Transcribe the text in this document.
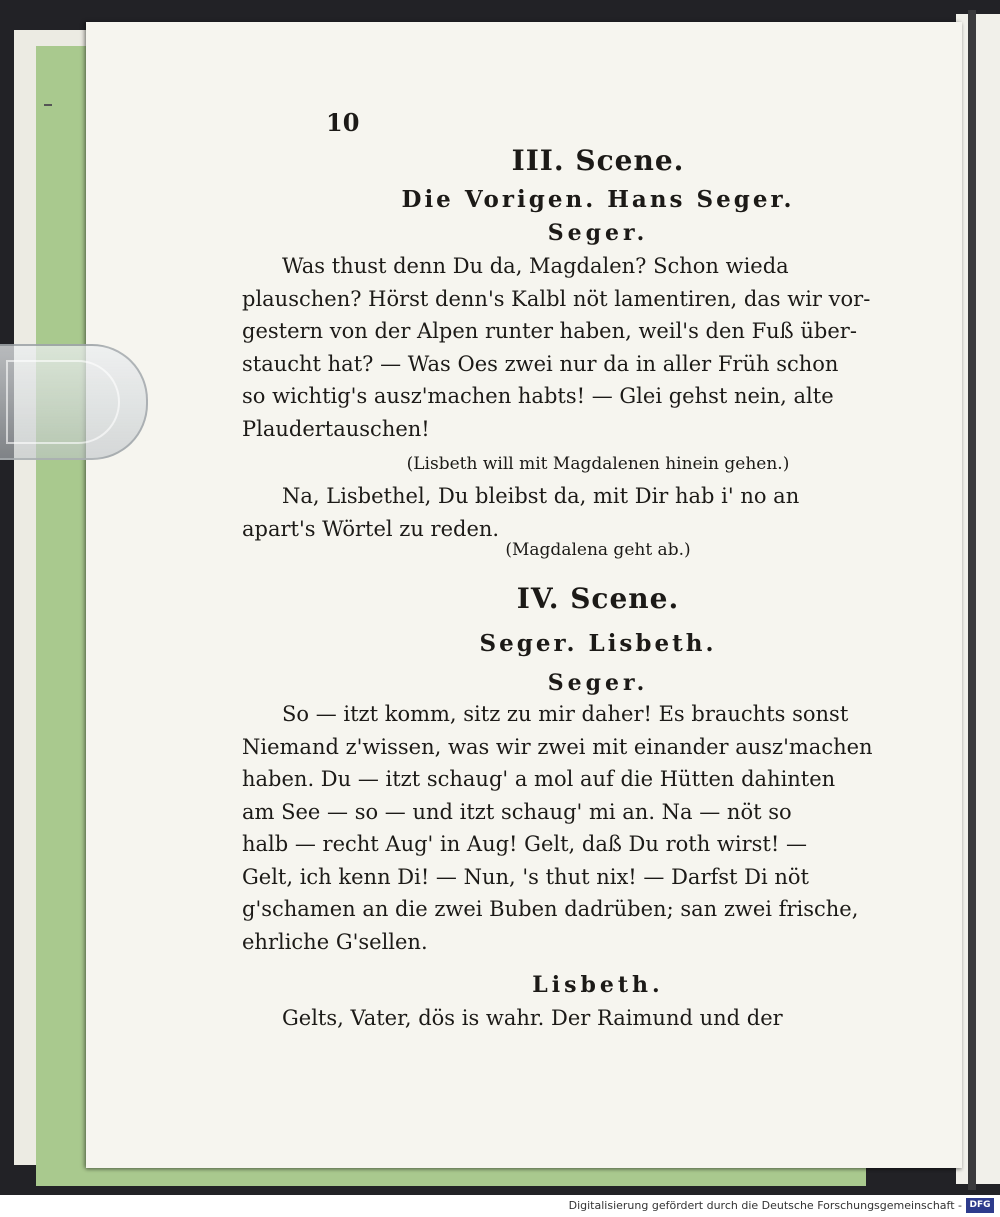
10
III. Scene.
Die Vorigen. Hans Seger.
Seger.
Was thust denn Du da, Magdalen? Schon wieda
plauschen? Hörst denn's Kalbl nöt lamentiren, das wir vor-
gestern von der Alpen runter haben, weil's den Fuß über-
staucht hat? — Was Oes zwei nur da in aller Früh schon
so wichtig's ausz'machen habts! — Glei gehst nein, alte
Plaudertauschen!
(Lisbeth will mit Magdalenen hinein gehen.)
Na, Lisbethel, Du bleibst da, mit Dir hab i' no an
apart's Wörtel zu reden.
(Magdalena geht ab.)
IV. Scene.
Seger. Lisbeth.
Seger.
So — itzt komm, sitz zu mir daher! Es brauchts sonst
Niemand z'wissen, was wir zwei mit einander ausz'machen
haben. Du — itzt schaug' a mol auf die Hütten dahinten
am See — so — und itzt schaug' mi an. Na — nöt so
halb — recht Aug' in Aug! Gelt, daß Du roth wirst! —
Gelt, ich kenn Di! — Nun, 's thut nix! — Darfst Di nöt
g'schamen an die zwei Buben dadrüben; san zwei frische,
ehrliche G'sellen.
Lisbeth.
Gelts, Vater, dös is wahr. Der Raimund und der
Digitalisierung gefördert durch die Deutsche Forschungsgemeinschaft - DFG
